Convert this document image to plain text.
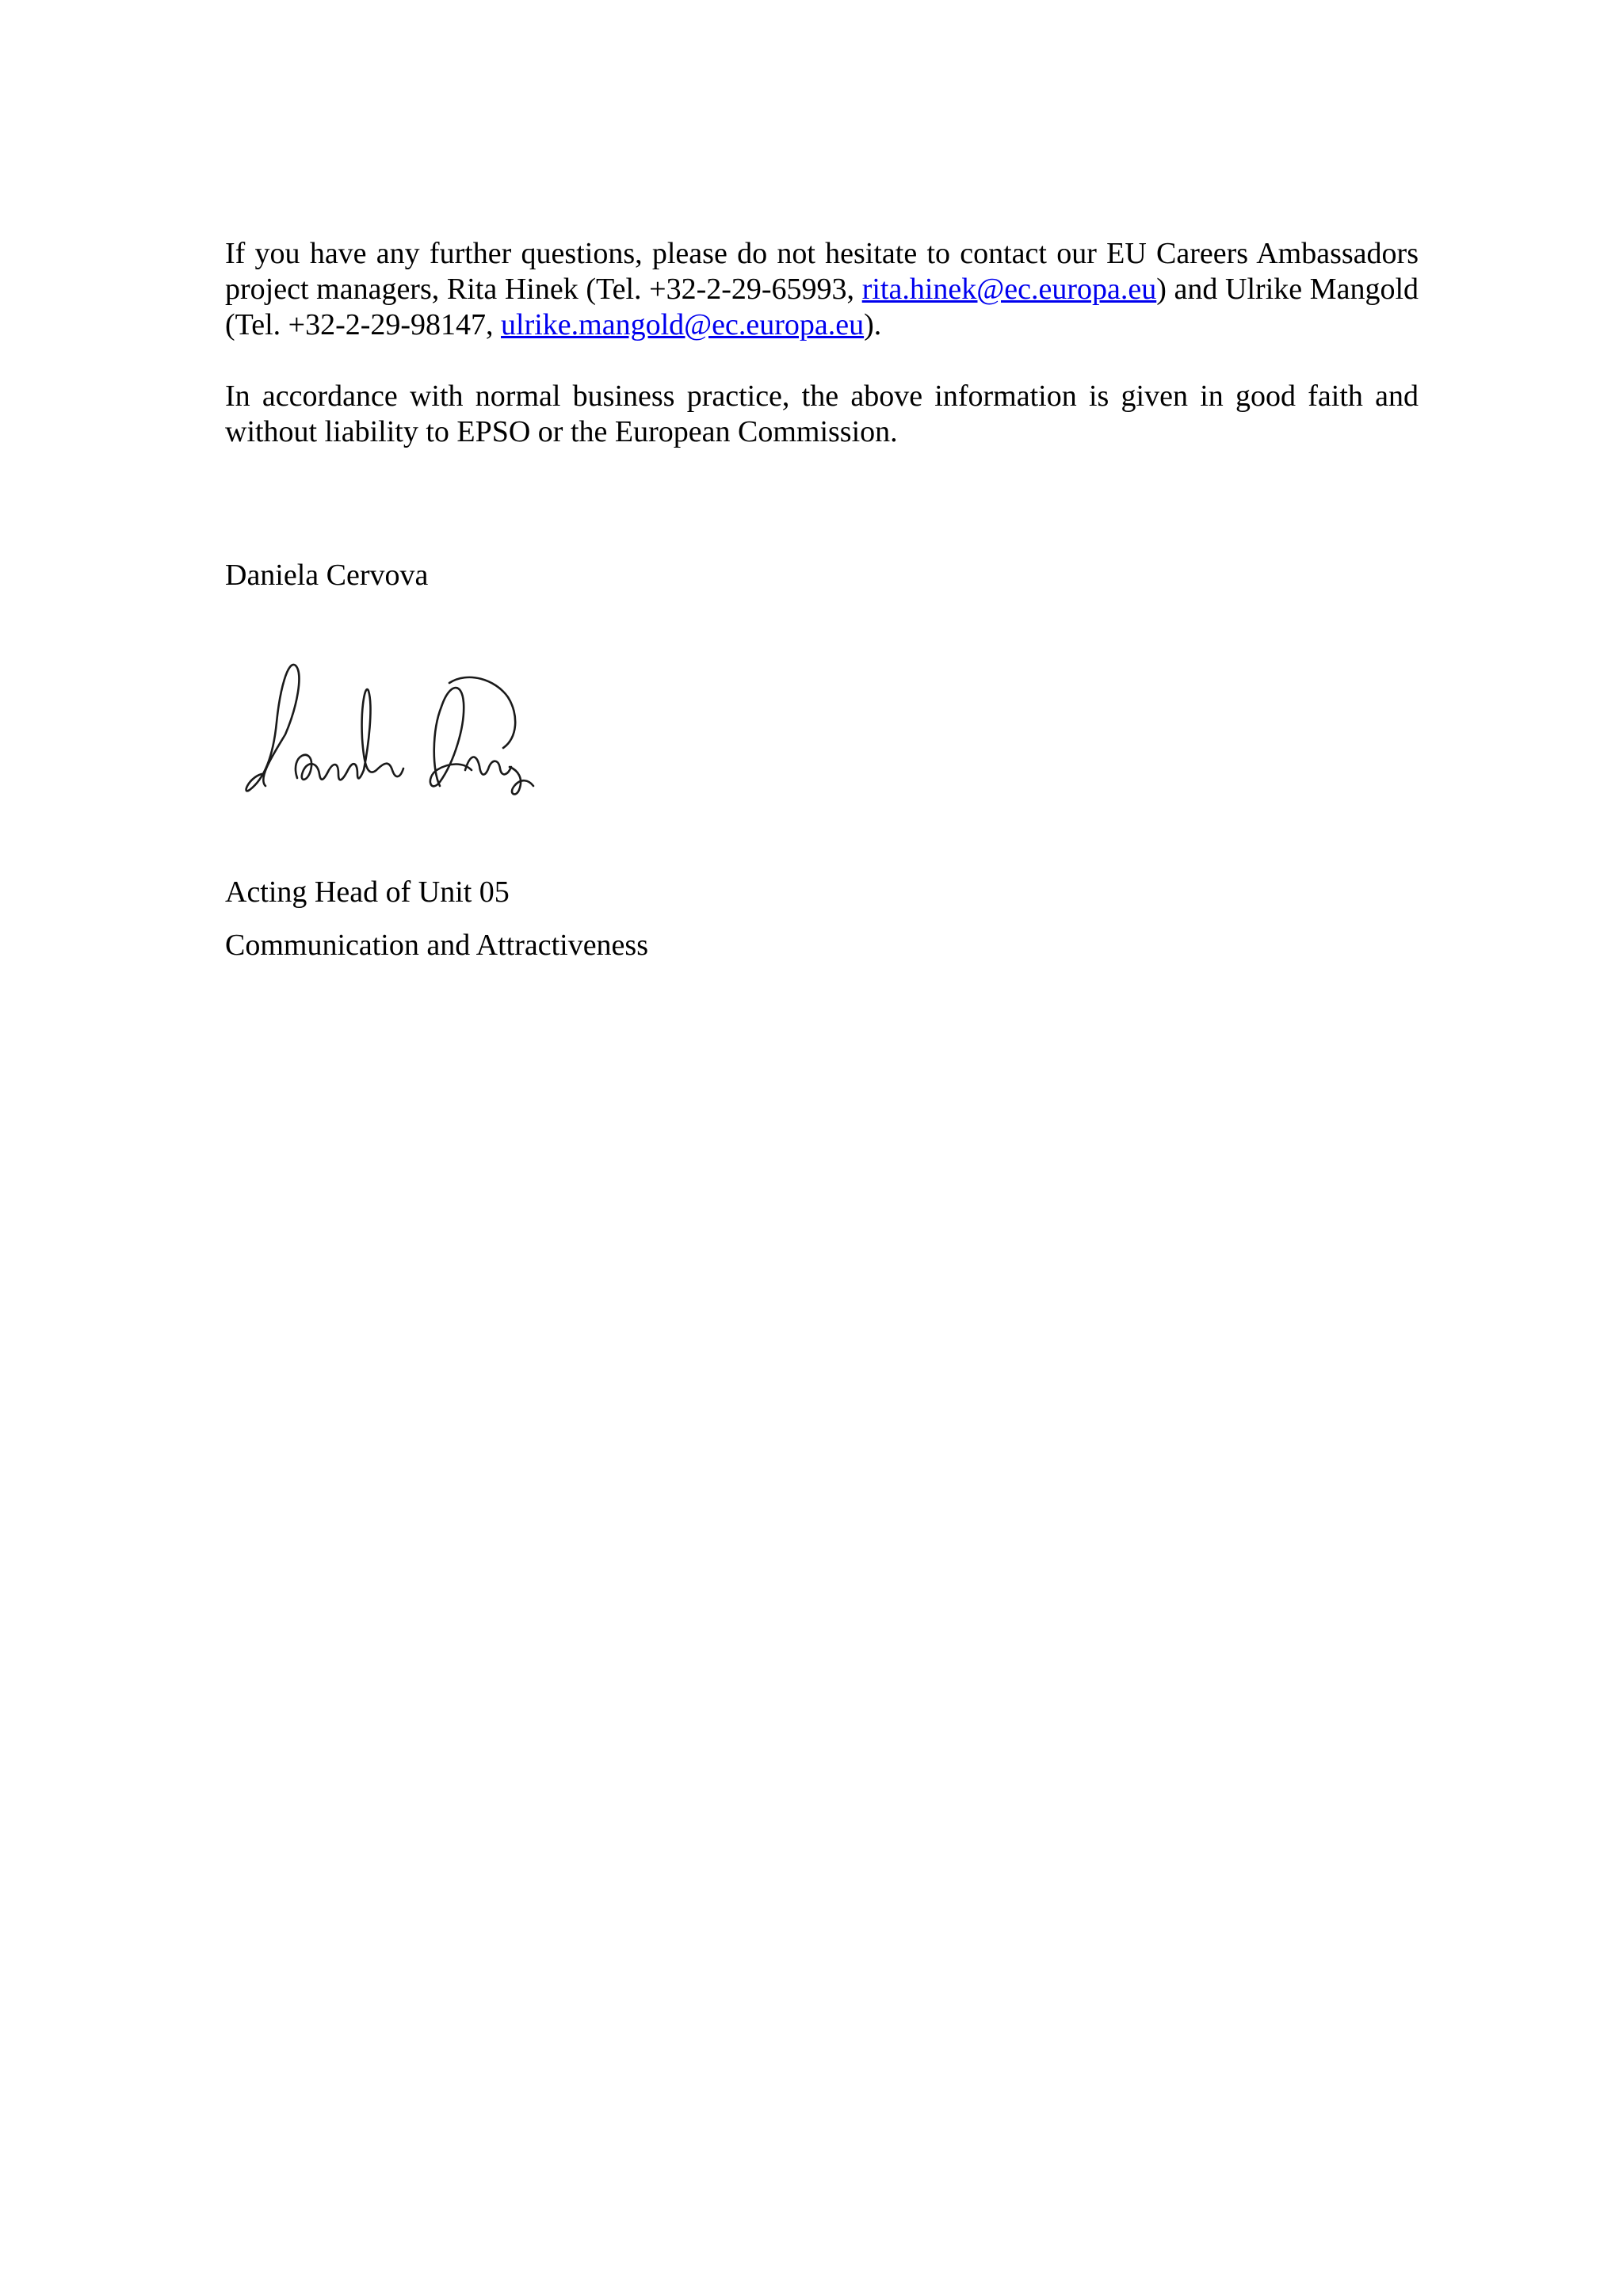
If you have any further questions, please do not hesitate to contact our EU Careers Ambassadors project managers, Rita Hinek (Tel. +32-2-29-65993, rita.hinek@ec.europa.eu) and Ulrike Mangold (Tel. +32-2-29-98147, ulrike.mangold@ec.europa.eu).

In accordance with normal business practice, the above information is given in good faith and without liability to EPSO or the European Commission.

Daniela Cervova

Acting Head of Unit 05

Communication and Attractiveness
